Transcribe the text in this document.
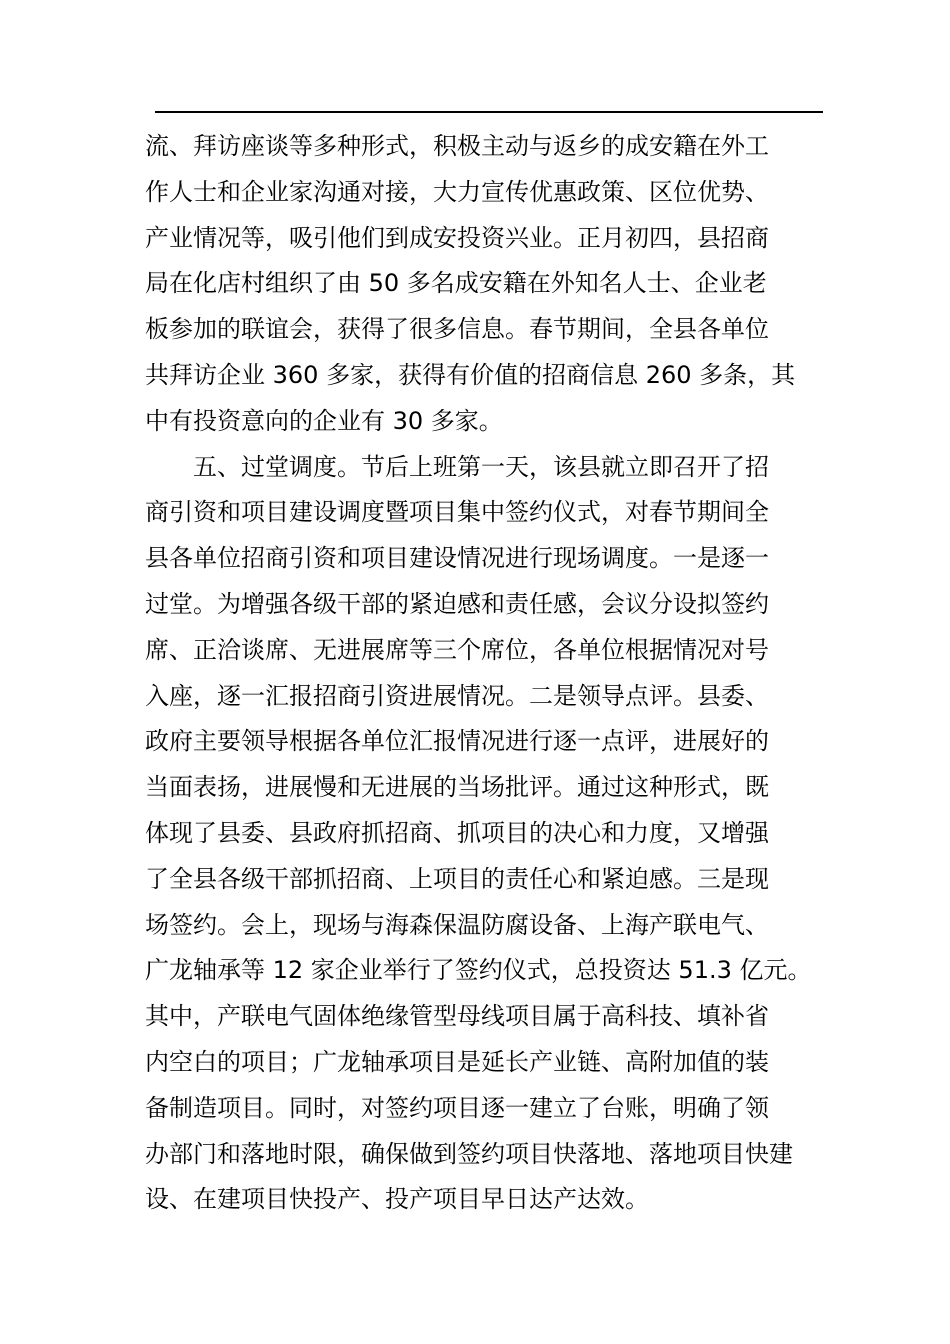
流、拜访座谈等多种形式，积极主动与返乡的成安籍在外工
作人士和企业家沟通对接，大力宣传优惠政策、区位优势、
产业情况等，吸引他们到成安投资兴业。正月初四，县招商
局在化店村组织了由 50 多名成安籍在外知名人士、企业老
板参加的联谊会，获得了很多信息。春节期间，全县各单位
共拜访企业 360 多家，获得有价值的招商信息 260 多条，其
中有投资意向的企业有 30 多家。
五、过堂调度。节后上班第一天，该县就立即召开了招
商引资和项目建设调度暨项目集中签约仪式，对春节期间全
县各单位招商引资和项目建设情况进行现场调度。一是逐一
过堂。为增强各级干部的紧迫感和责任感，会议分设拟签约
席、正洽谈席、无进展席等三个席位，各单位根据情况对号
入座，逐一汇报招商引资进展情况。二是领导点评。县委、
政府主要领导根据各单位汇报情况进行逐一点评，进展好的
当面表扬，进展慢和无进展的当场批评。通过这种形式，既
体现了县委、县政府抓招商、抓项目的决心和力度，又增强
了全县各级干部抓招商、上项目的责任心和紧迫感。三是现
场签约。会上，现场与海森保温防腐设备、上海产联电气、
广龙轴承等 12 家企业举行了签约仪式，总投资达 51.3 亿元。
其中，产联电气固体绝缘管型母线项目属于高科技、填补省
内空白的项目；广龙轴承项目是延长产业链、高附加值的装
备制造项目。同时，对签约项目逐一建立了台账，明确了领
办部门和落地时限，确保做到签约项目快落地、落地项目快建
设、在建项目快投产、投产项目早日达产达效。
